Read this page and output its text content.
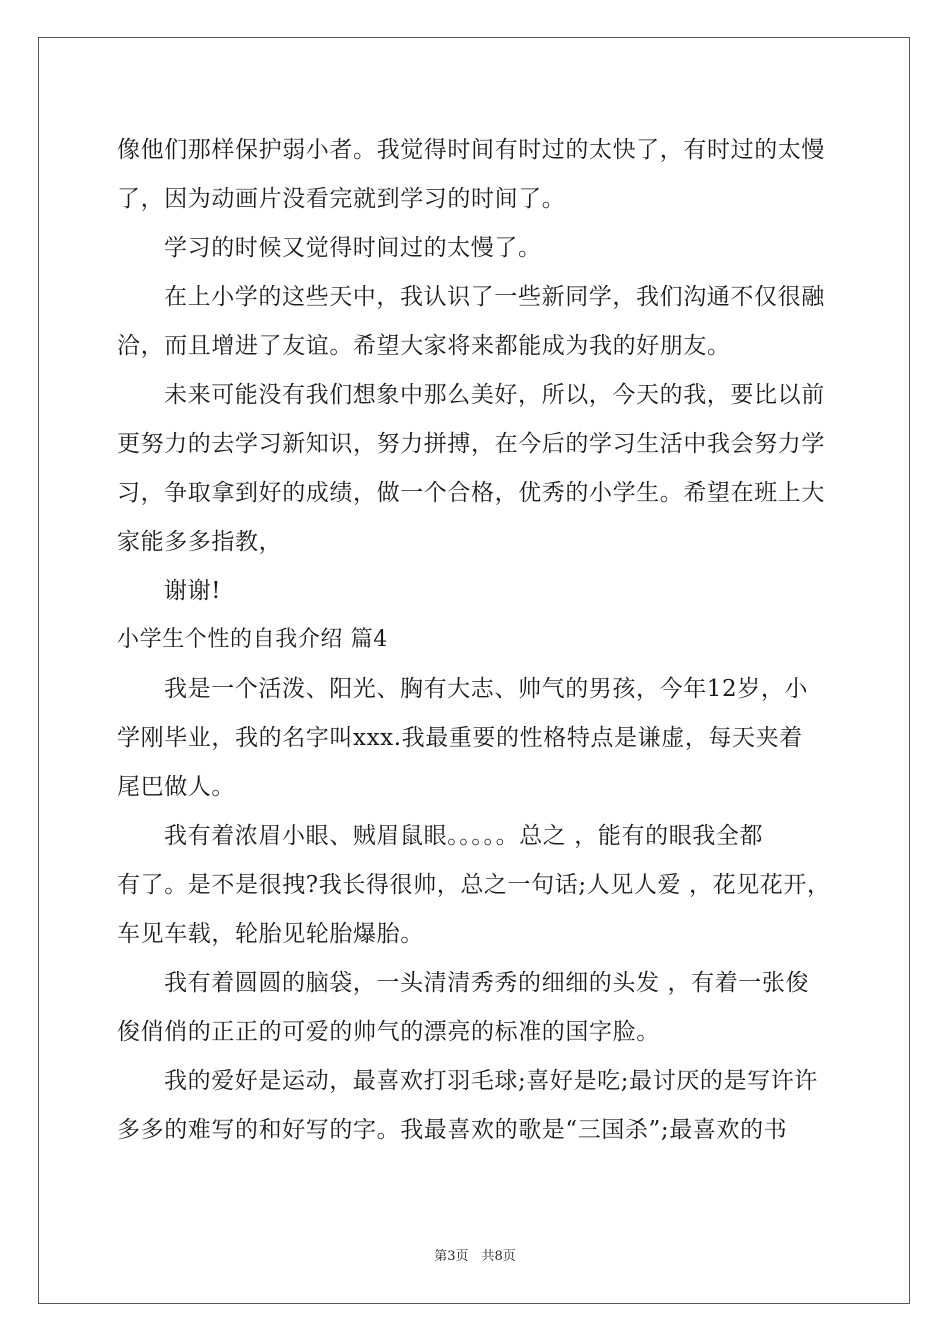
像他们那样保护弱小者。我觉得时间有时过的太快了，有时过的太慢
了，因为动画片没看完就到学习的时间了。
学习的时候又觉得时间过的太慢了。
在上小学的这些天中，我认识了一些新同学，我们沟通不仅很融
洽，而且增进了友谊。希望大家将来都能成为我的好朋友。
未来可能没有我们想象中那么美好，所以，今天的我，要比以前
更努力的去学习新知识，努力拼搏，在今后的学习生活中我会努力学
习，争取拿到好的成绩，做一个合格，优秀的小学生。希望在班上大
家能多多指教，
谢谢!
小学生个性的自我介绍 篇4
我是一个活泼、阳光、胸有大志、帅气的男孩，今年12岁，小
学刚毕业，我的名字叫xxx.我最重要的性格特点是谦虚，每天夹着
尾巴做人。
我有着浓眉小眼、贼眉鼠眼。。。。。总之 ，能有的眼我全都
有了。是不是很拽?我长得很帅，总之一句话;人见人爱 ，花见花开，
车见车载，轮胎见轮胎爆胎。
我有着圆圆的脑袋，一头清清秀秀的细细的头发 ，有着一张俊
俊俏俏的正正的可爱的帅气的漂亮的标准的国字脸。
我的爱好是运动，最喜欢打羽毛球;喜好是吃;最讨厌的是写许许
多多的难写的和好写的字。我最喜欢的歌是“三国杀”;最喜欢的书
第3页　共8页
